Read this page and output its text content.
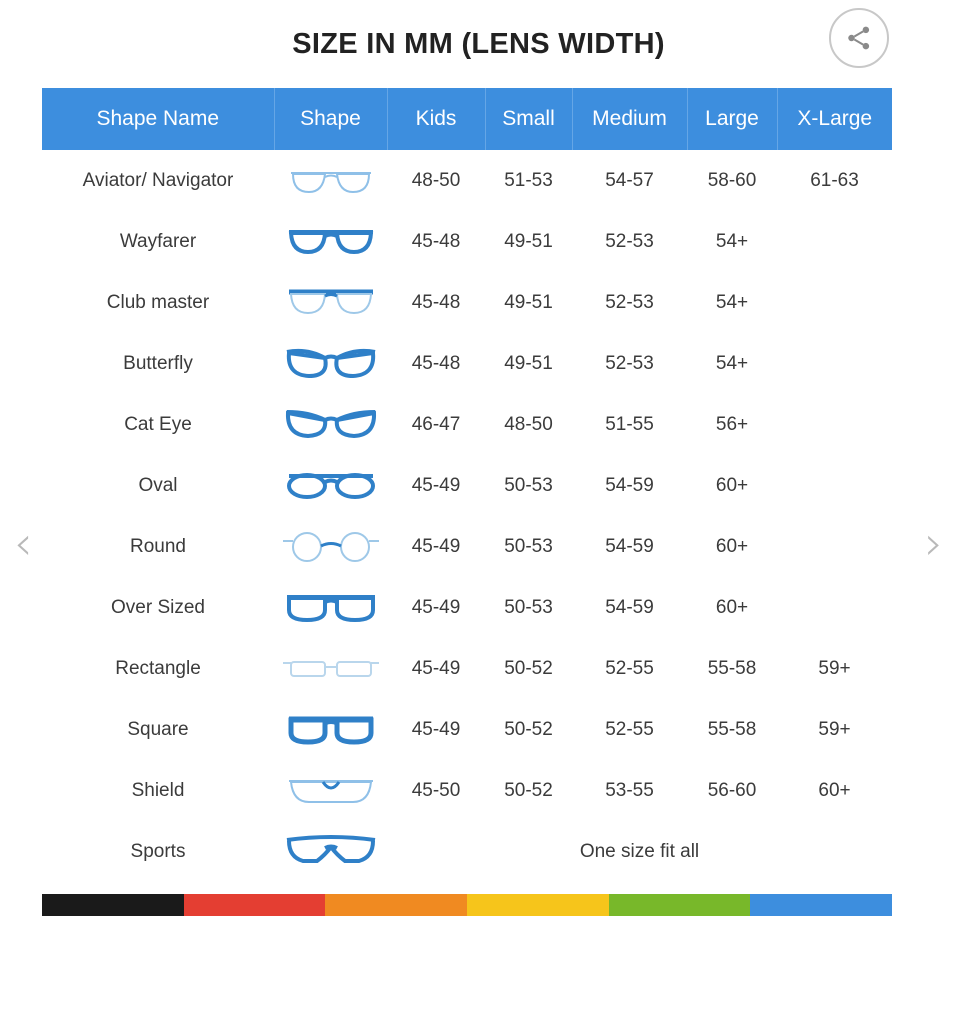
SIZE IN MM (LENS WIDTH)
‹	›
Shape Name	Shape	Kids	Small	Medium	Large	X-Large
Aviator/ Navigator		48-50	51-53	54-57	58-60	61-63
Wayfarer		45-48	49-51	52-53	54+	
Club master		45-48	49-51	52-53	54+	
Butterfly		45-48	49-51	52-53	54+	
Cat Eye		46-47	48-50	51-55	56+	
Oval		45-49	50-53	54-59	60+	
Round		45-49	50-53	54-59	60+	
Over Sized		45-49	50-53	54-59	60+	
Rectangle		45-49	50-52	52-55	55-58	59+
Square		45-49	50-52	52-55	55-58	59+
Shield		45-50	50-52	53-55	56-60	60+
Sports		One size fit all				
